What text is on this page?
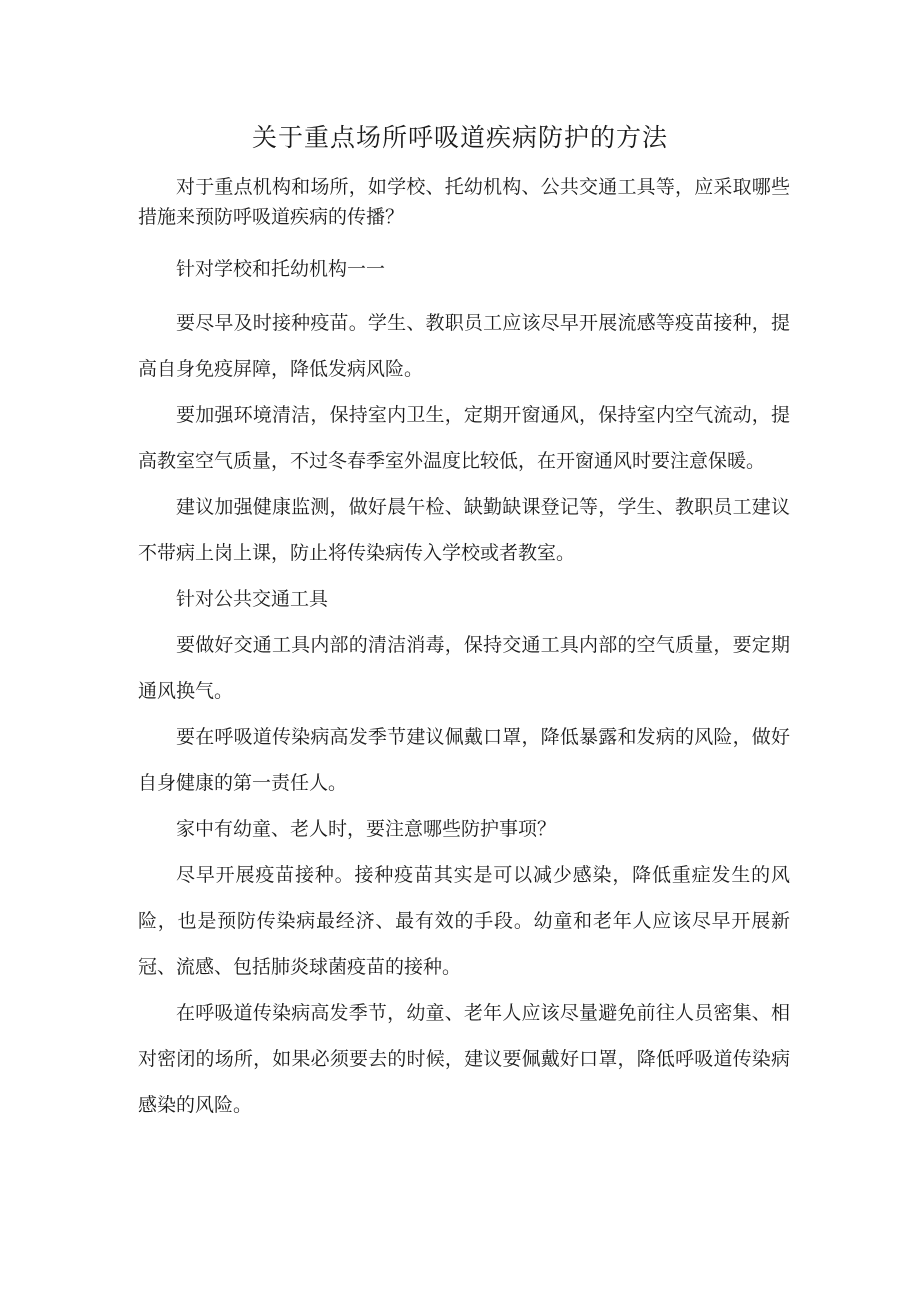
关于重点场所呼吸道疾病防护的方法

对于重点机构和场所，如学校、托幼机构、公共交通工具等，应采取哪些措施来预防呼吸道疾病的传播？

针对学校和托幼机构一一

要尽早及时接种疫苗。学生、教职员工应该尽早开展流感等疫苗接种，提高自身免疫屏障，降低发病风险。

要加强环境清洁，保持室内卫生，定期开窗通风，保持室内空气流动，提高教室空气质量，不过冬春季室外温度比较低，在开窗通风时要注意保暖。

建议加强健康监测，做好晨午检、缺勤缺课登记等，学生、教职员工建议不带病上岗上课，防止将传染病传入学校或者教室。

针对公共交通工具

要做好交通工具内部的清洁消毒，保持交通工具内部的空气质量，要定期通风换气。

要在呼吸道传染病高发季节建议佩戴口罩，降低暴露和发病的风险，做好自身健康的第一责任人。

家中有幼童、老人时，要注意哪些防护事项？

尽早开展疫苗接种。接种疫苗其实是可以减少感染，降低重症发生的风险，也是预防传染病最经济、最有效的手段。幼童和老年人应该尽早开展新冠、流感、包括肺炎球菌疫苗的接种。

在呼吸道传染病高发季节，幼童、老年人应该尽量避免前往人员密集、相对密闭的场所，如果必须要去的时候，建议要佩戴好口罩，降低呼吸道传染病感染的风险。
